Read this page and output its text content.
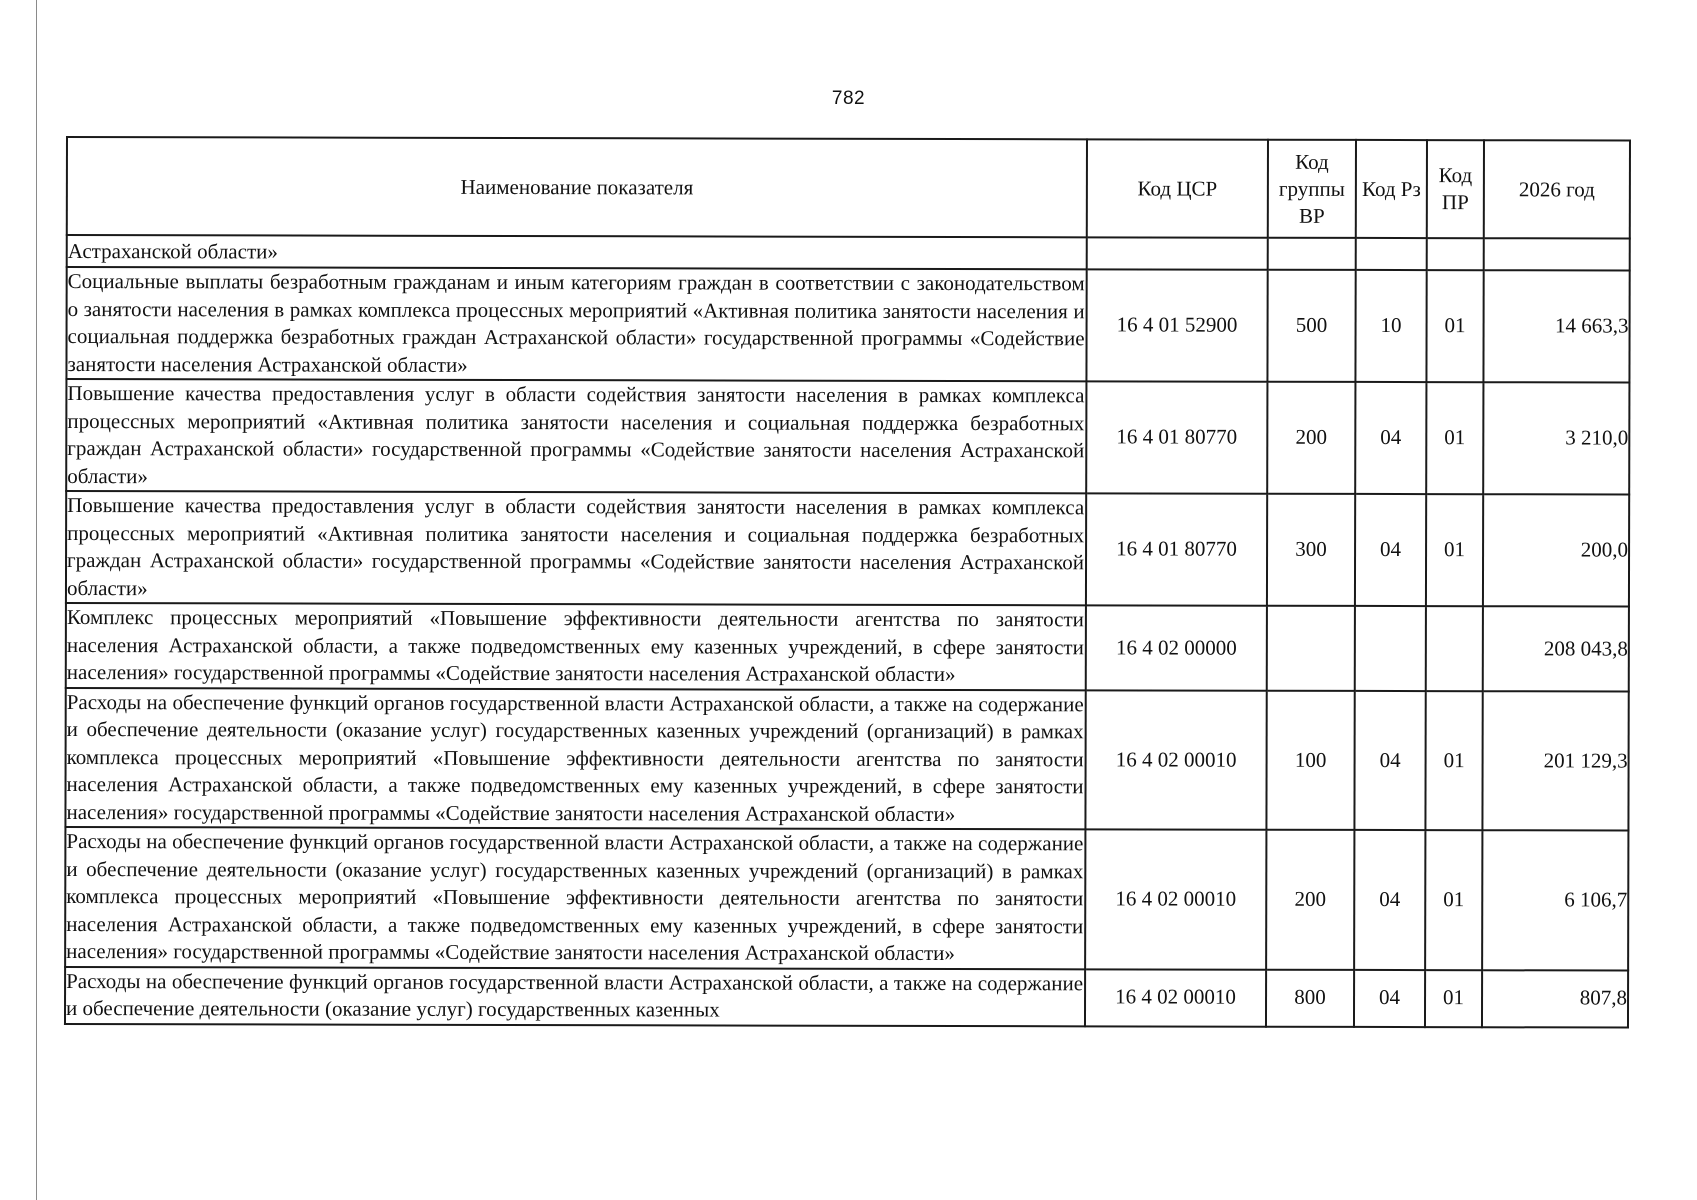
782
Наименование показателя	Код ЦСР	Код группы ВР	Код Рз	Код ПР	2026 год
Астраханской области»					
Социальные выплаты безработным гражданам и иным категориям граждан в соответствии с законодательством о занятости населения в рамках комплекса процессных мероприятий «Активная политика занятости населения и социальная поддержка безработных граждан Астраханской области» государственной программы «Содействие занятости населения Астраханской области»	16 4 01 52900	500	10	01	14 663,3
Повышение качества предоставления услуг в области содействия занятости населения в рамках комплекса процессных мероприятий «Активная политика занятости населения и социальная поддержка безработных граждан Астраханской области» государственной программы «Содействие занятости населения Астраханской области»	16 4 01 80770	200	04	01	3 210,0
Повышение качества предоставления услуг в области содействия занятости населения в рамках комплекса процессных мероприятий «Активная политика занятости населения и социальная поддержка безработных граждан Астраханской области» государственной программы «Содействие занятости населения Астраханской области»	16 4 01 80770	300	04	01	200,0
Комплекс процессных мероприятий «Повышение эффективности деятельности агентства по занятости населения Астраханской области, а также подведомственных ему казенных учреждений, в сфере занятости населения» государственной программы «Содействие занятости населения Астраханской области»	16 4 02 00000				208 043,8
Расходы на обеспечение функций органов государственной власти Астраханской области, а также на содержание и обеспечение деятельности (оказание услуг) государственных казенных учреждений (организаций) в рамках комплекса процессных мероприятий «Повышение эффективности деятельности агентства по занятости населения Астраханской области, а также подведомственных ему казенных учреждений, в сфере занятости населения» государственной программы «Содействие занятости населения Астраханской области»	16 4 02 00010	100	04	01	201 129,3
Расходы на обеспечение функций органов государственной власти Астраханской области, а также на содержание и обеспечение деятельности (оказание услуг) государственных казенных учреждений (организаций) в рамках комплекса процессных мероприятий «Повышение эффективности деятельности агентства по занятости населения Астраханской области, а также подведомственных ему казенных учреждений, в сфере занятости населения» государственной программы «Содействие занятости населения Астраханской области»	16 4 02 00010	200	04	01	6 106,7
Расходы на обеспечение функций органов государственной власти Астраханской области, а также на содержание и обеспечение деятельности (оказание услуг) государственных казенных	16 4 02 00010	800	04	01	807,8
